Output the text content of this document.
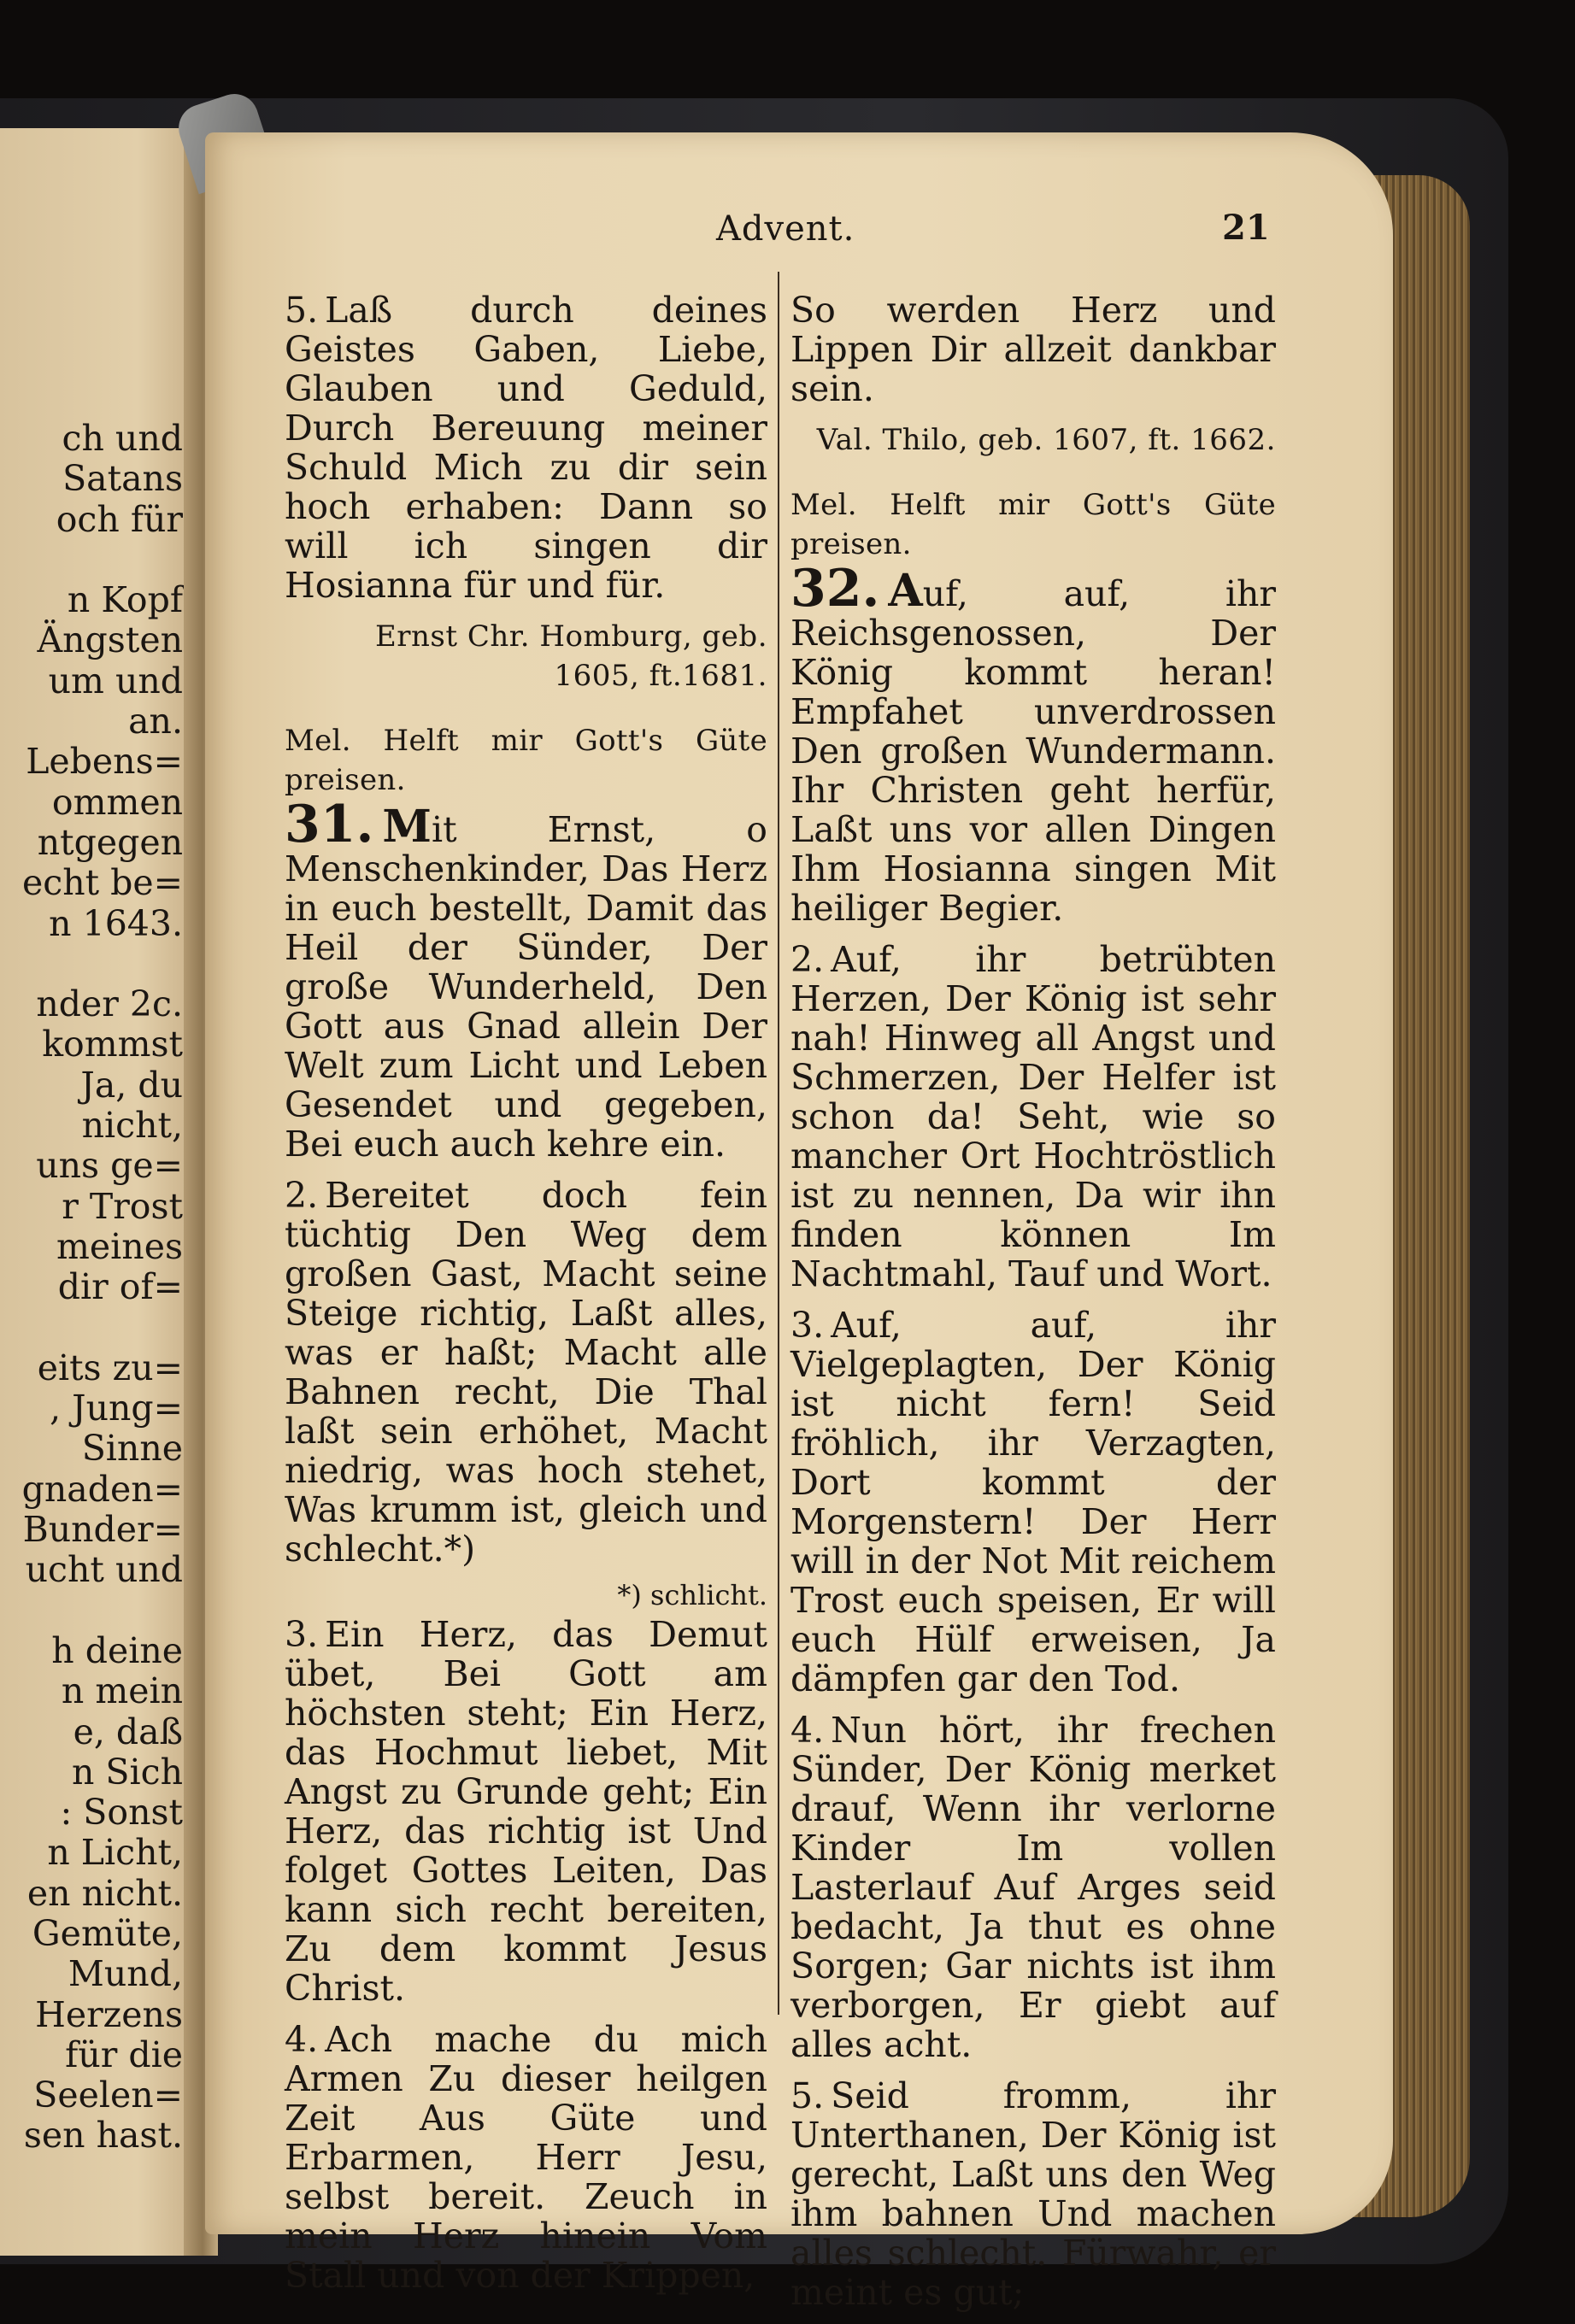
ch und
Satans
och für

n Kopf
Ängsten
um und
an.
Lebens=
ommen
ntgegen
echt be=
n 1643.

nder 2c.
kommst
Ja, du
nicht,
uns ge=
r Trost
meines
dir of=

eits zu=
, Jung=
Sinne
gnaden=
Bunder=
ucht und

h deine
n mein
e, daß
n Sich
: Sonst
n Licht,
en nicht.
Gemüte,
Mund,
Herzens
für die
Seelen=
sen hast.
Advent.	21

5. Laß durch deines Geistes Gaben, Liebe, Glauben und Geduld, Durch Bereuung meiner Schuld Mich zu dir sein hoch erhaben: Dann so will ich singen dir Hosianna für und für.

Ernst Chr. Homburg, geb. 1605, ft.1681.
Mel. Helft mir Gott's Güte preisen.

31. Mit Ernst, o Menschenkinder, Das Herz in euch bestellt, Damit das Heil der Sünder, Der große Wunderheld, Den Gott aus Gnad allein Der Welt zum Licht und Leben Gesendet und gegeben, Bei euch auch kehre ein.

2. Bereitet doch fein tüchtig Den Weg dem großen Gast, Macht seine Steige richtig, Laßt alles, was er haßt; Macht alle Bahnen recht, Die Thal laßt sein erhöhet, Macht niedrig, was hoch stehet, Was krumm ist, gleich und schlecht.*)

*) schlicht.

3. Ein Herz, das Demut übet, Bei Gott am höchsten steht; Ein Herz, das Hochmut liebet, Mit Angst zu Grunde geht; Ein Herz, das richtig ist Und folget Gottes Leiten, Das kann sich recht bereiten, Zu dem kommt Jesus Christ.

4. Ach mache du mich Armen Zu dieser heilgen Zeit Aus Güte und Erbarmen, Herr Jesu, selbst bereit. Zeuch in mein Herz hinein Vom Stall und von der Krippen,

So werden Herz und Lippen Dir allzeit dankbar sein.

Val. Thilo, geb. 1607, ft. 1662.
Mel. Helft mir Gott's Güte preisen.

32. Auf, auf, ihr Reichsgenossen, Der König kommt heran! Empfahet unverdrossen Den großen Wundermann. Ihr Christen geht herfür, Laßt uns vor allen Dingen Ihm Hosianna singen Mit heiliger Begier.

2. Auf, ihr betrübten Herzen, Der König ist sehr nah! Hinweg all Angst und Schmerzen, Der Helfer ist schon da! Seht, wie so mancher Ort Hochtröstlich ist zu nennen, Da wir ihn finden können Im Nachtmahl, Tauf und Wort.

3. Auf, auf, ihr Vielgeplagten, Der König ist nicht fern! Seid fröhlich, ihr Verzagten, Dort kommt der Morgenstern! Der Herr will in der Not Mit reichem Trost euch speisen, Er will euch Hülf erweisen, Ja dämpfen gar den Tod.

4. Nun hört, ihr frechen Sünder, Der König merket drauf, Wenn ihr verlorne Kinder Im vollen Lasterlauf Auf Arges seid bedacht, Ja thut es ohne Sorgen; Gar nichts ist ihm verborgen, Er giebt auf alles acht.

5. Seid fromm, ihr Unterthanen, Der König ist gerecht, Laßt uns den Weg ihm bahnen Und machen alles schlecht. Fürwahr, er meint es gut;
